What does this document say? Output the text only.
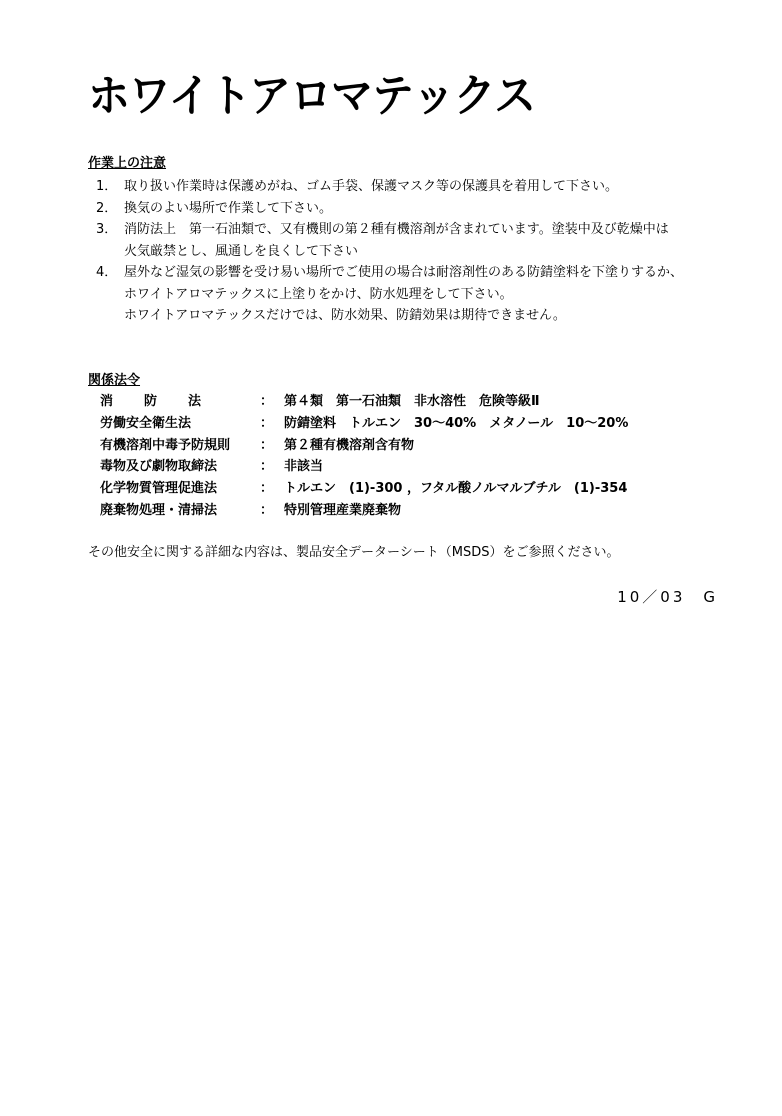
ホワイトアロマテックス
作業上の注意
1． 取り扱い作業時は保護めがね、ゴム手袋、保護マスク等の保護具を着用して下さい。
2． 換気のよい場所で作業して下さい。
3． 消防法上　第一石油類で、又有機則の第２種有機溶剤が含まれています。塗装中及び乾燥中は
火気厳禁とし、風通しを良くして下さい
4． 屋外など湿気の影響を受け易い場所でご使用の場合は耐溶剤性のある防錆塗料を下塗りするか、
ホワイトアロマテックスに上塗りをかけ、防水処理をして下さい。
ホワイトアロマテックスだけでは、防水効果、防錆効果は期待できません。
関係法令
消防法	： 第４類　第一石油類　非水溶性　危険等級Ⅱ
労働安全衛生法	： 防錆塗料　トルエン　30～40%　メタノール　10～20%
有機溶剤中毒予防規則	： 第２種有機溶剤含有物
毒物及び劇物取締法	： 非該当
化学物質管理促進法	： トルエン　(1)-300 ，フタル酸ノルマルブチル　(1)-354
廃棄物処理・清掃法	： 特別管理産業廃棄物
その他安全に関する詳細な内容は、製品安全データーシート（MSDS）をご参照ください。
10／03　G
